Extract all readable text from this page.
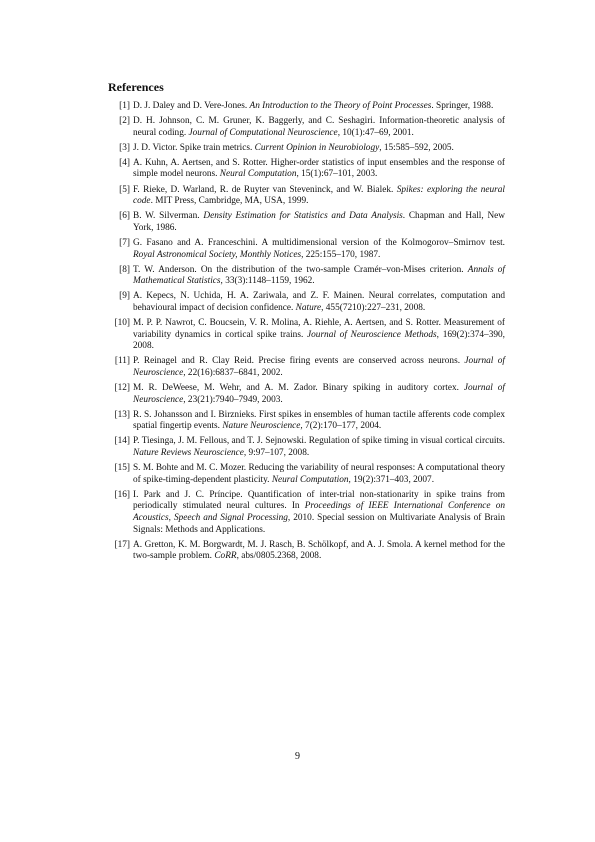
References
[1] D. J. Daley and D. Vere-Jones. An Introduction to the Theory of Point Processes. Springer, 1988.
[2] D. H. Johnson, C. M. Gruner, K. Baggerly, and C. Seshagiri. Information-theoretic analysis of neural coding. Journal of Computational Neuroscience, 10(1):47–69, 2001.
[3] J. D. Victor. Spike train metrics. Current Opinion in Neurobiology, 15:585–592, 2005.
[4] A. Kuhn, A. Aertsen, and S. Rotter. Higher-order statistics of input ensembles and the response of simple model neurons. Neural Computation, 15(1):67–101, 2003.
[5] F. Rieke, D. Warland, R. de Ruyter van Steveninck, and W. Bialek. Spikes: exploring the neural code. MIT Press, Cambridge, MA, USA, 1999.
[6] B. W. Silverman. Density Estimation for Statistics and Data Analysis. Chapman and Hall, New York, 1986.
[7] G. Fasano and A. Franceschini. A multidimensional version of the Kolmogorov–Smirnov test. Royal Astronomical Society, Monthly Notices, 225:155–170, 1987.
[8] T. W. Anderson. On the distribution of the two-sample Cramér–von-Mises criterion. Annals of Mathematical Statistics, 33(3):1148–1159, 1962.
[9] A. Kepecs, N. Uchida, H. A. Zariwala, and Z. F. Mainen. Neural correlates, computation and behavioural impact of decision confidence. Nature, 455(7210):227–231, 2008.
[10] M. P. P. Nawrot, C. Boucsein, V. R. Molina, A. Riehle, A. Aertsen, and S. Rotter. Measurement of variability dynamics in cortical spike trains. Journal of Neuroscience Methods, 169(2):374–390, 2008.
[11] P. Reinagel and R. Clay Reid. Precise firing events are conserved across neurons. Journal of Neuroscience, 22(16):6837–6841, 2002.
[12] M. R. DeWeese, M. Wehr, and A. M. Zador. Binary spiking in auditory cortex. Journal of Neuroscience, 23(21):7940–7949, 2003.
[13] R. S. Johansson and I. Birznieks. First spikes in ensembles of human tactile afferents code complex spatial fingertip events. Nature Neuroscience, 7(2):170–177, 2004.
[14] P. Tiesinga, J. M. Fellous, and T. J. Sejnowski. Regulation of spike timing in visual cortical circuits. Nature Reviews Neuroscience, 9:97–107, 2008.
[15] S. M. Bohte and M. C. Mozer. Reducing the variability of neural responses: A computational theory of spike-timing-dependent plasticity. Neural Computation, 19(2):371–403, 2007.
[16] I. Park and J. C. Príncipe. Quantification of inter-trial non-stationarity in spike trains from periodically stimulated neural cultures. In Proceedings of IEEE International Conference on Acoustics, Speech and Signal Processing, 2010. Special session on Multivariate Analysis of Brain Signals: Methods and Applications.
[17] A. Gretton, K. M. Borgwardt, M. J. Rasch, B. Schölkopf, and A. J. Smola. A kernel method for the two-sample problem. CoRR, abs/0805.2368, 2008.
9
